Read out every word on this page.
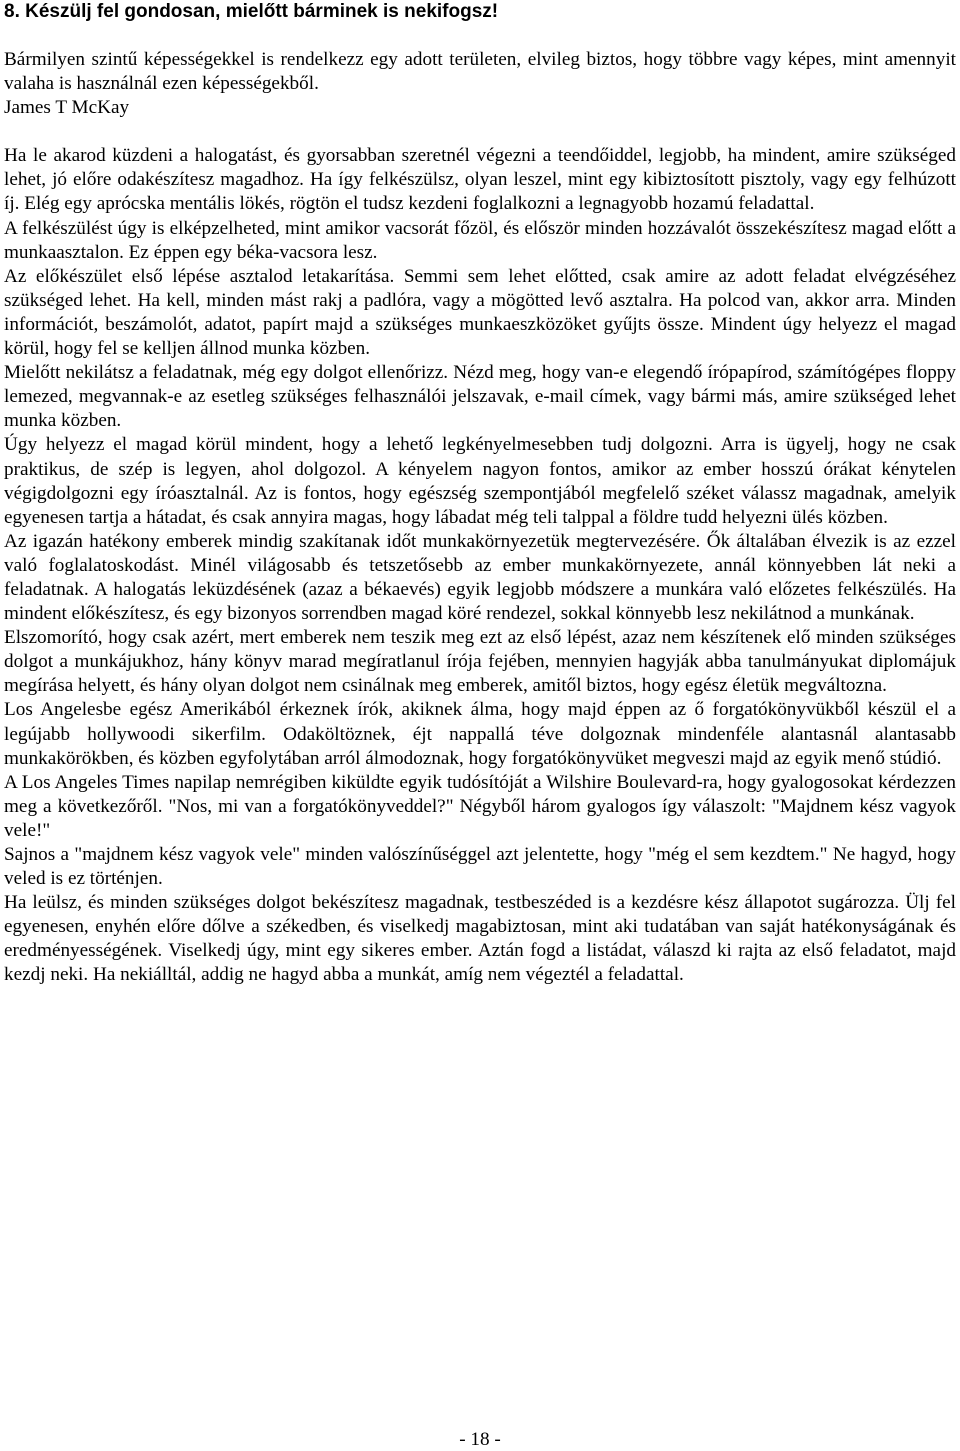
8. Készülj fel gondosan, mielőtt bárminek is nekifogsz!

Bármilyen szintű képességekkel is rendelkezz egy adott területen, elvileg biztos, hogy többre vagy képes, mint amennyit valaha is használnál ezen képességekből.

James T McKay

Ha le akarod küzdeni a halogatást, és gyorsabban szeretnél végezni a teendőiddel, legjobb, ha mindent, amire szükséged lehet, jó előre odakészítesz magadhoz. Ha így felkészülsz, olyan leszel, mint egy kibiztosított pisztoly, vagy egy felhúzott íj. Elég egy aprócska mentális lökés, rögtön el tudsz kezdeni foglalkozni a legnagyobb hozamú feladattal.

A felkészülést úgy is elképzelheted, mint amikor vacsorát főzöl, és először minden hozzávalót összekészítesz magad előtt a munkaasztalon. Ez éppen egy béka-vacsora lesz.

Az előkészület első lépése asztalod letakarítása. Semmi sem lehet előtted, csak amire az adott feladat elvégzéséhez szükséged lehet. Ha kell, minden mást rakj a padlóra, vagy a mögötted levő asztalra. Ha polcod van, akkor arra. Minden információt, beszámolót, adatot, papírt majd a szükséges munkaeszközöket gyűjts össze. Mindent úgy helyezz el magad körül, hogy fel se kelljen állnod munka közben.

Mielőtt nekilátsz a feladatnak, még egy dolgot ellenőrizz. Nézd meg, hogy van-e elegendő írópapírod, számítógépes floppy lemezed, megvannak-e az esetleg szükséges felhasználói jelszavak, e-mail címek, vagy bármi más, amire szükséged lehet munka közben.

Úgy helyezz el magad körül mindent, hogy a lehető legkényelmesebben tudj dolgozni. Arra is ügyelj, hogy ne csak praktikus, de szép is legyen, ahol dolgozol. A kényelem nagyon fontos, amikor az ember hosszú órákat kénytelen végigdolgozni egy íróasztalnál. Az is fontos, hogy egészség szempontjából megfelelő széket válassz magadnak, amelyik egyenesen tartja a hátadat, és csak annyira magas, hogy lábadat még teli talppal a földre tudd helyezni ülés közben.

Az igazán hatékony emberek mindig szakítanak időt munkakörnyezetük megtervezésére. Ők általában élvezik is az ezzel való foglalatoskodást. Minél világosabb és tetszetősebb az ember munkakörnyezete, annál könnyebben lát neki a feladatnak. A halogatás leküzdésének (azaz a békaevés) egyik legjobb módszere a munkára való előzetes felkészülés. Ha mindent előkészítesz, és egy bizonyos sorrendben magad köré rendezel, sokkal könnyebb lesz nekilátnod a munkának.

Elszomorító, hogy csak azért, mert emberek nem teszik meg ezt az első lépést, azaz nem készítenek elő minden szükséges dolgot a munkájukhoz, hány könyv marad megíratlanul írója fejében, mennyien hagyják abba tanulmányukat diplomájuk megírása helyett, és hány olyan dolgot nem csinálnak meg emberek, amitől biztos, hogy egész életük megváltozna.

Los Angelesbe egész Amerikából érkeznek írók, akiknek álma, hogy majd éppen az ő forgatókönyvükből készül el a legújabb hollywoodi sikerfilm. Odaköltöznek, éjt nappallá téve dolgoznak mindenféle alantasnál alantasabb munkakörökben, és közben egyfolytában arról álmodoznak, hogy forgatókönyvüket megveszi majd az egyik menő stúdió.

A Los Angeles Times napilap nemrégiben kiküldte egyik tudósítóját a Wilshire Boulevard-ra, hogy gyalogosokat kérdezzen meg a következőről. "Nos, mi van a forgatókönyveddel?" Négyből három gyalogos így válaszolt: "Majdnem kész vagyok vele!"

Sajnos a "majdnem kész vagyok vele" minden valószínűséggel azt jelentette, hogy "még el sem kezdtem." Ne hagyd, hogy veled is ez történjen.

Ha leülsz, és minden szükséges dolgot bekészítesz magadnak, testbeszéded is a kezdésre kész állapotot sugározza. Ülj fel egyenesen, enyhén előre dőlve a székedben, és viselkedj magabiztosan, mint aki tudatában van saját hatékonyságának és eredményességének. Viselkedj úgy, mint egy sikeres ember. Aztán fogd a listádat, válaszd ki rajta az első feladatot, majd kezdj neki. Ha nekiálltál, addig ne hagyd abba a munkát, amíg nem végeztél a feladattal.

- 18 -
